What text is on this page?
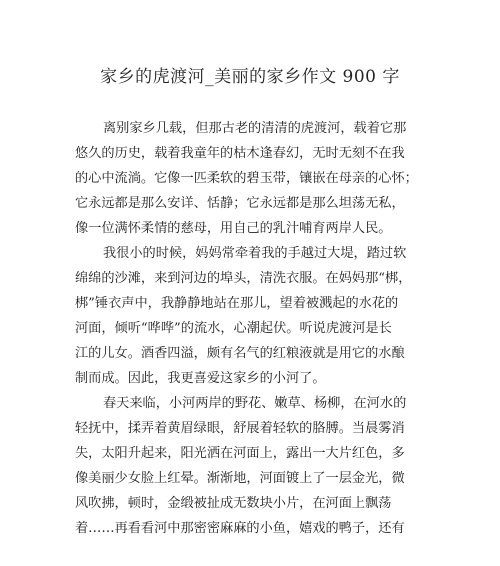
家乡的虎渡河_美丽的家乡作文 900 字
离别家乡几载，但那古老的清清的虎渡河，载着它那
悠久的历史，载着我童年的枯木逢春幻，无时无刻不在我
的心中流淌。它像一匹柔软的碧玉带，镶嵌在母亲的心怀；
它永远都是那么安详、恬静；它永远都是那么坦荡无私，
像一位满怀柔情的慈母，用自己的乳汁哺育两岸人民。
我很小的时候，妈妈常牵着我的手越过大堤，踏过软
绵绵的沙滩，来到河边的埠头，清洗衣服。在妈妈那“梆，
梆”锤衣声中，我静静地站在那儿，望着被溅起的水花的
河面，倾听“哗哗”的流水，心潮起伏。听说虎渡河是长
江的儿女。酒香四溢，颇有名气的红粮液就是用它的水酿
制而成。因此，我更喜爱这家乡的小河了。
春天来临，小河两岸的野花、嫩草、杨柳，在河水的
轻抚中，揉弄着黄眉绿眼，舒展着轻软的胳膊。当晨雾消
失，太阳升起来，阳光洒在河面上，露出一大片红色，多
像美丽少女脸上红晕。渐渐地，河面镀上了一层金光，微
风吹拂，顿时，金缎被扯成无数块小片，在河面上飘荡
着……再看看河中那密密麻麻的小鱼，嬉戏的鸭子，还有
